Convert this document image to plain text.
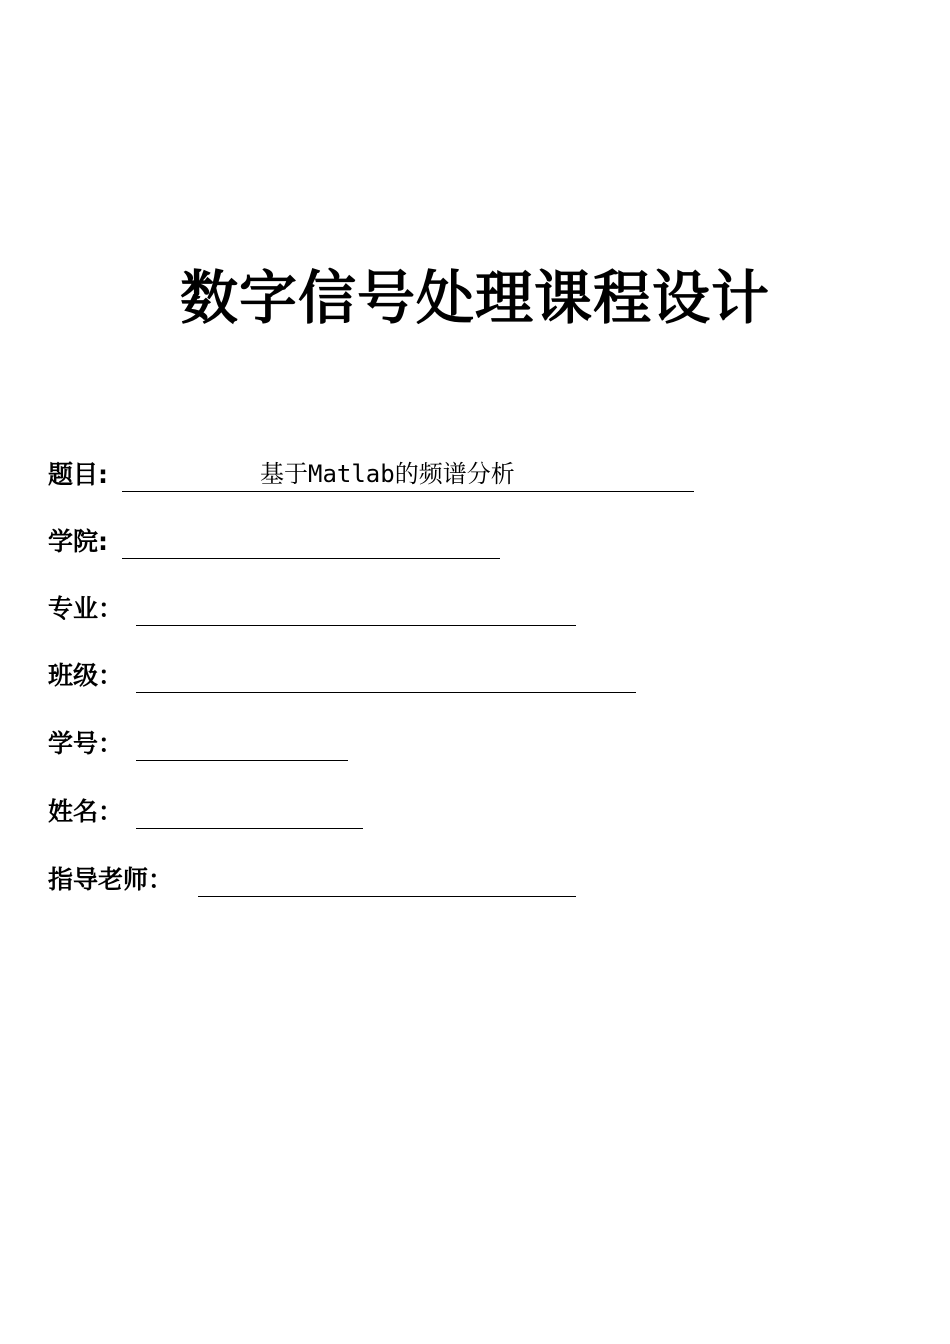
数字信号处理课程设计
题目:	基于Matlab的频谱分析
学院:
专业：
班级：
学号：
姓名：
指导老师：
